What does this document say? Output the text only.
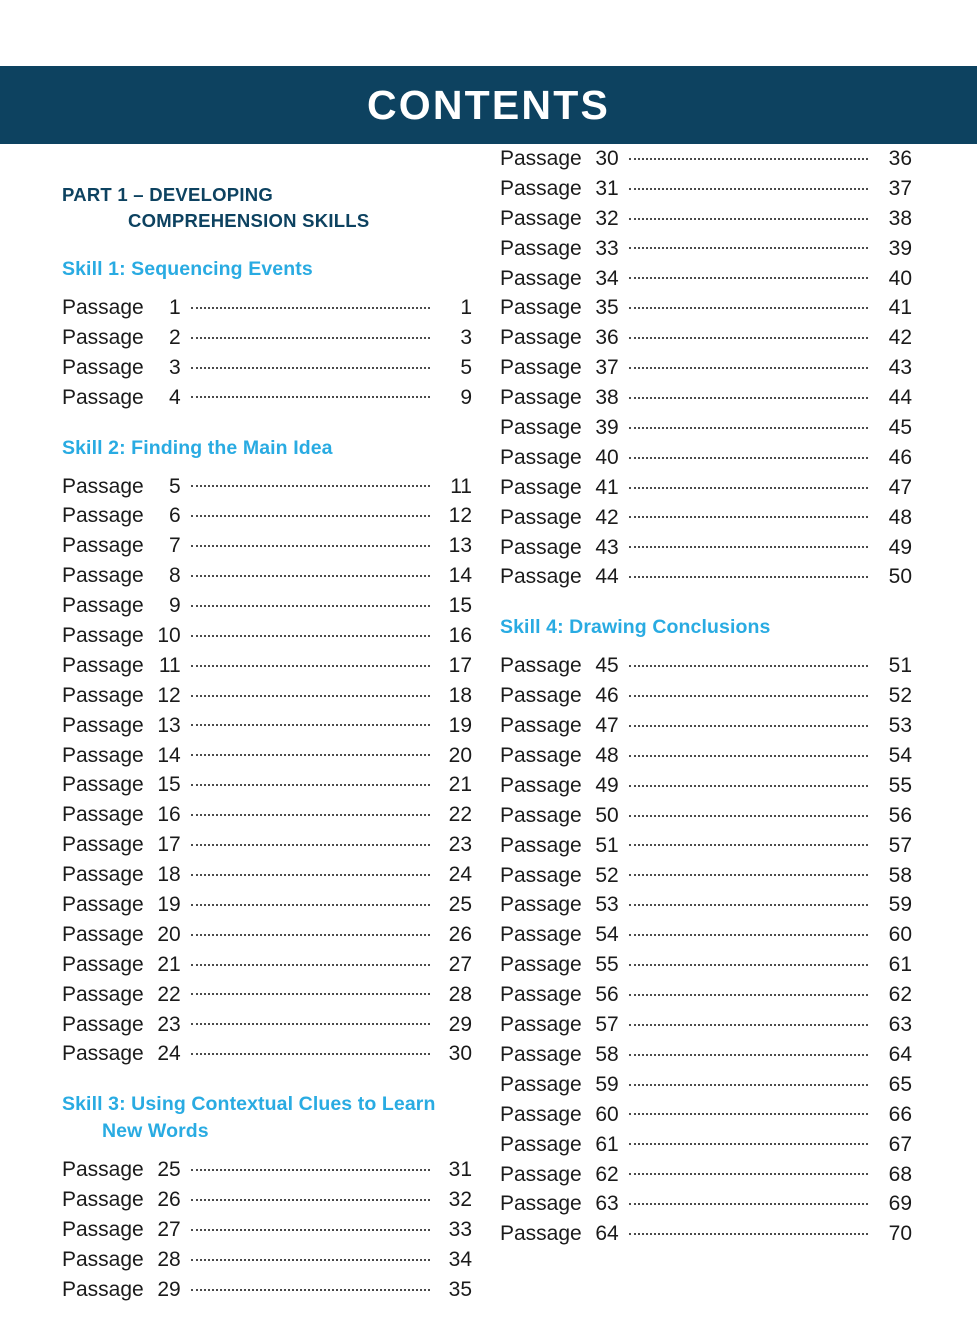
CONTENTS
PART 1 – DEVELOPING
COMPREHENSION SKILLS
Skill 1: Sequencing Events
Passage	1	1
Passage	2	3
Passage	3	5
Passage	4	9
Skill 2: Finding the Main Idea
Passage	5	11
Passage	6	12
Passage	7	13
Passage	8	14
Passage	9	15
Passage 10	16
Passage 11	17
Passage 12	18
Passage 13	19
Passage 14	20
Passage 15	21
Passage 16	22
Passage 17	23
Passage 18	24
Passage 19	25
Passage 20	26
Passage 21	27
Passage 22	28
Passage 23	29
Passage 24	30
Skill 3: Using Contextual Clues to Learn
New Words
Passage 25	31
Passage 26	32
Passage 27	33
Passage 28	34
Passage 29	35
Passage 30	36
Passage 31	37
Passage 32	38
Passage 33	39
Passage 34	40
Passage 35	41
Passage 36	42
Passage 37	43
Passage 38	44
Passage 39	45
Passage 40	46
Passage 41	47
Passage 42	48
Passage 43	49
Passage 44	50
Skill 4: Drawing Conclusions
Passage 45	51
Passage 46	52
Passage 47	53
Passage 48	54
Passage 49	55
Passage 50	56
Passage 51	57
Passage 52	58
Passage 53	59
Passage 54	60
Passage 55	61
Passage 56	62
Passage 57	63
Passage 58	64
Passage 59	65
Passage 60	66
Passage 61	67
Passage 62	68
Passage 63	69
Passage 64	70
